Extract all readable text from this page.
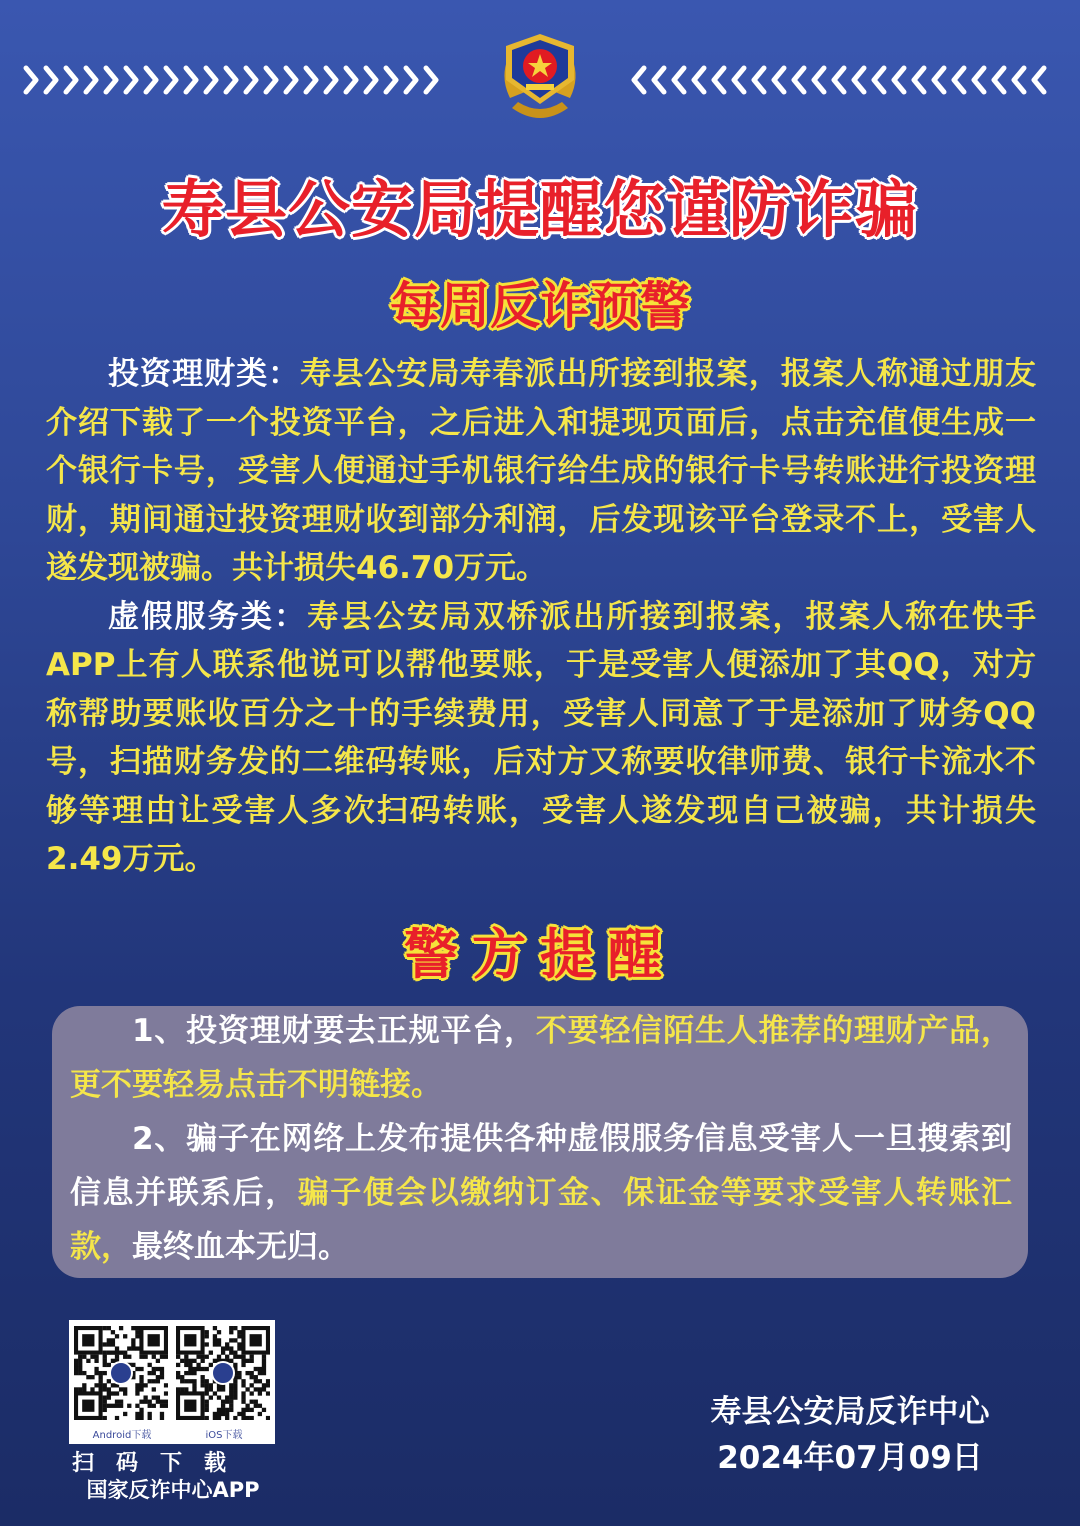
寿县公安局提醒您谨防诈骗
每周反诈预警

投资理财类：寿县公安局寿春派出所接到报案，报案人称通过朋友介绍下载了一个投资平台，之后进入和提现页面后，点击充值便生成一个银行卡号，受害人便通过手机银行给生成的银行卡号转账进行投资理财，期间通过投资理财收到部分利润，后发现该平台登录不上，受害人遂发现被骗。共计损失46.70万元。

虚假服务类：寿县公安局双桥派出所接到报案，报案人称在快手APP上有人联系他说可以帮他要账，于是受害人便添加了其QQ，对方称帮助要账收百分之十的手续费用，受害人同意了于是添加了财务QQ号，扫描财务发的二维码转账，后对方又称要收律师费、银行卡流水不够等理由让受害人多次扫码转账，受害人遂发现自己被骗，共计损失2.49万元。

警方提醒

1、投资理财要去正规平台，不要轻信陌生人推荐的理财产品，更不要轻易点击不明链接。

2、骗子在网络上发布提供各种虚假服务信息受害人一旦搜索到信息并联系后，骗子便会以缴纳订金、保证金等要求受害人转账汇款，最终血本无归。

Android下载	iOS下载
扫码下载
国家反诈中心APP
寿县公安局反诈中心
2024年07月09日
